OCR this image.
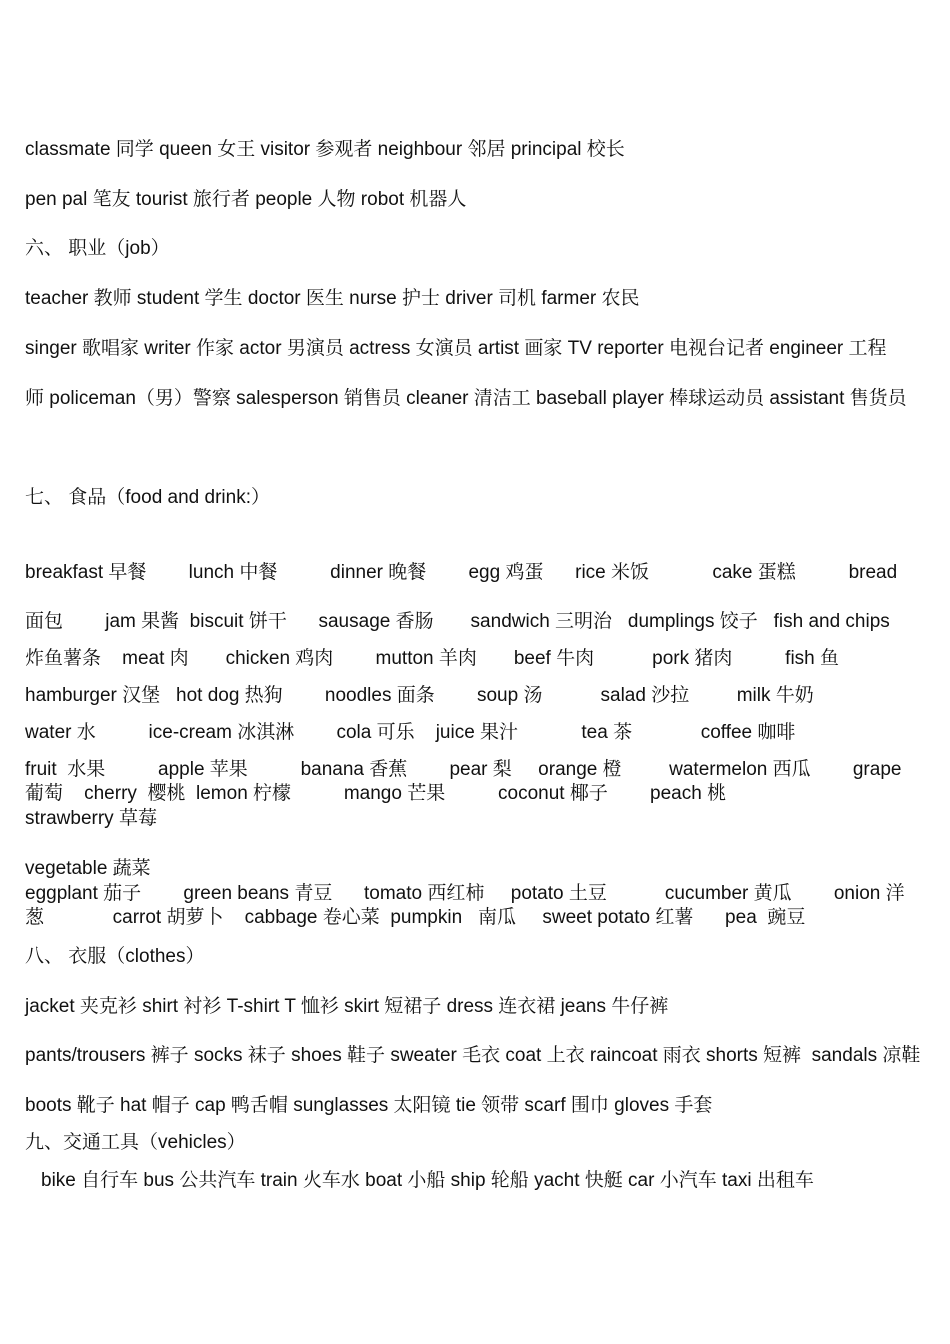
classmate 同学 queen 女王 visitor 参观者 neighbour 邻居 principal 校长
pen pal 笔友 tourist 旅行者 people 人物 robot 机器人
六、 职业（job）
teacher 教师 student 学生 doctor 医生 nurse 护士 driver 司机 farmer 农民
singer 歌唱家 writer 作家 actor 男演员 actress 女演员 artist 画家 TV reporter 电视台记者 engineer 工程
师 policeman（男）警察 salesperson 销售员 cleaner 清洁工 baseball player 棒球运动员 assistant 售货员
七、 食品（food and drink:）
breakfast 早餐        lunch 中餐          dinner 晚餐        egg 鸡蛋      rice 米饭            cake 蛋糕          bread
面包        jam 果酱  biscuit 饼干      sausage 香肠       sandwich 三明治   dumplings 饺子   fish and chips
炸鱼薯条    meat 肉       chicken 鸡肉        mutton 羊肉       beef 牛肉           pork 猪肉          fish 鱼
hamburger 汉堡   hot dog 热狗        noodles 面条        soup 汤           salad 沙拉         milk 牛奶
water 水          ice-cream 冰淇淋        cola 可乐    juice 果汁            tea 茶             coffee 咖啡
fruit  水果          apple 苹果          banana 香蕉        pear 梨     orange 橙         watermelon 西瓜        grape
葡萄    cherry  樱桃  lemon 柠檬          mango 芒果          coconut 椰子        peach 桃
strawberry 草莓
vegetable 蔬菜
eggplant 茄子        green beans 青豆      tomato 西红柿     potato 土豆           cucumber 黄瓜        onion 洋
葱             carrot 胡萝卜    cabbage 卷心菜  pumpkin   南瓜     sweet potato 红薯      pea  豌豆
八、 衣服（clothes）
jacket 夹克衫 shirt 衬衫 T-shirt T 恤衫 skirt 短裙子 dress 连衣裙 jeans 牛仔裤
pants/trousers 裤子 socks 袜子 shoes 鞋子 sweater 毛衣 coat 上衣 raincoat 雨衣 shorts 短裤  sandals 凉鞋
boots 靴子 hat 帽子 cap 鸭舌帽 sunglasses 太阳镜 tie 领带 scarf 围巾 gloves 手套
九、交通工具（vehicles）
bike 自行车 bus 公共汽车 train 火车水 boat 小船 ship 轮船 yacht 快艇 car 小汽车 taxi 出租车
